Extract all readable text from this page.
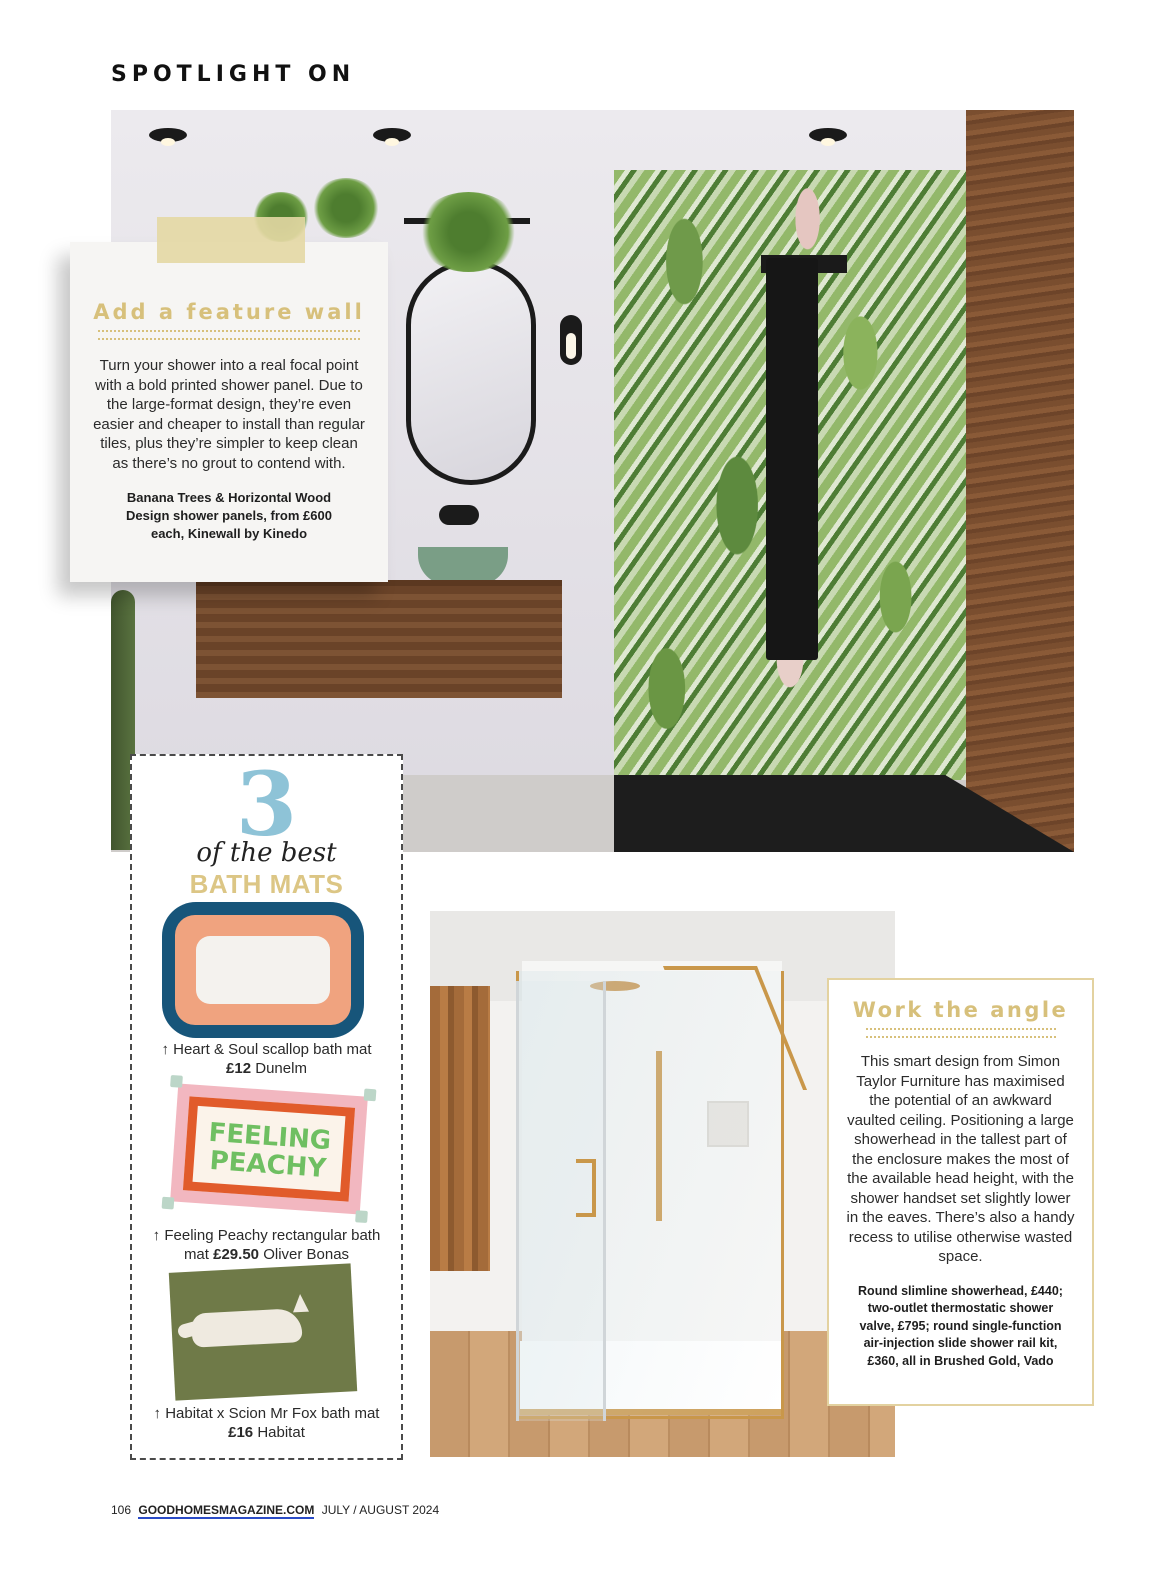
SPOTLIGHT ON
Add a feature wall

Turn your shower into a real focal point with a bold printed shower panel. Due to the large-format design, they’re even easier and cheaper to install than regular tiles, plus they’re simpler to keep clean as there’s no grout to contend with.

Banana Trees & Horizontal Wood Design shower panels, from £600 each, Kinewall by Kinedo

3
of the best
BATH MATS
↑ Heart & Soul scallop bath mat
£12 Dunelm
FEELING
PEACHY
↑ Feeling Peachy rectangular bath mat £29.50 Oliver Bonas
↑ Habitat x Scion Mr Fox bath mat £16 Habitat
Work the angle

This smart design from Simon Taylor Furniture has maximised the potential of an awkward vaulted ceiling. Positioning a large showerhead in the tallest part of the enclosure makes the most of the available head height, with the shower handset set slightly lower in the eaves. There’s also a handy recess to utilise otherwise wasted space.

Round slimline showerhead, £440; two-outlet thermostatic shower valve, £795; round single-function air-injection slide shower rail kit, £360, all in Brushed Gold, Vado

106 GOODHOMESMAGAZINE.COM JULY / AUGUST 2024
